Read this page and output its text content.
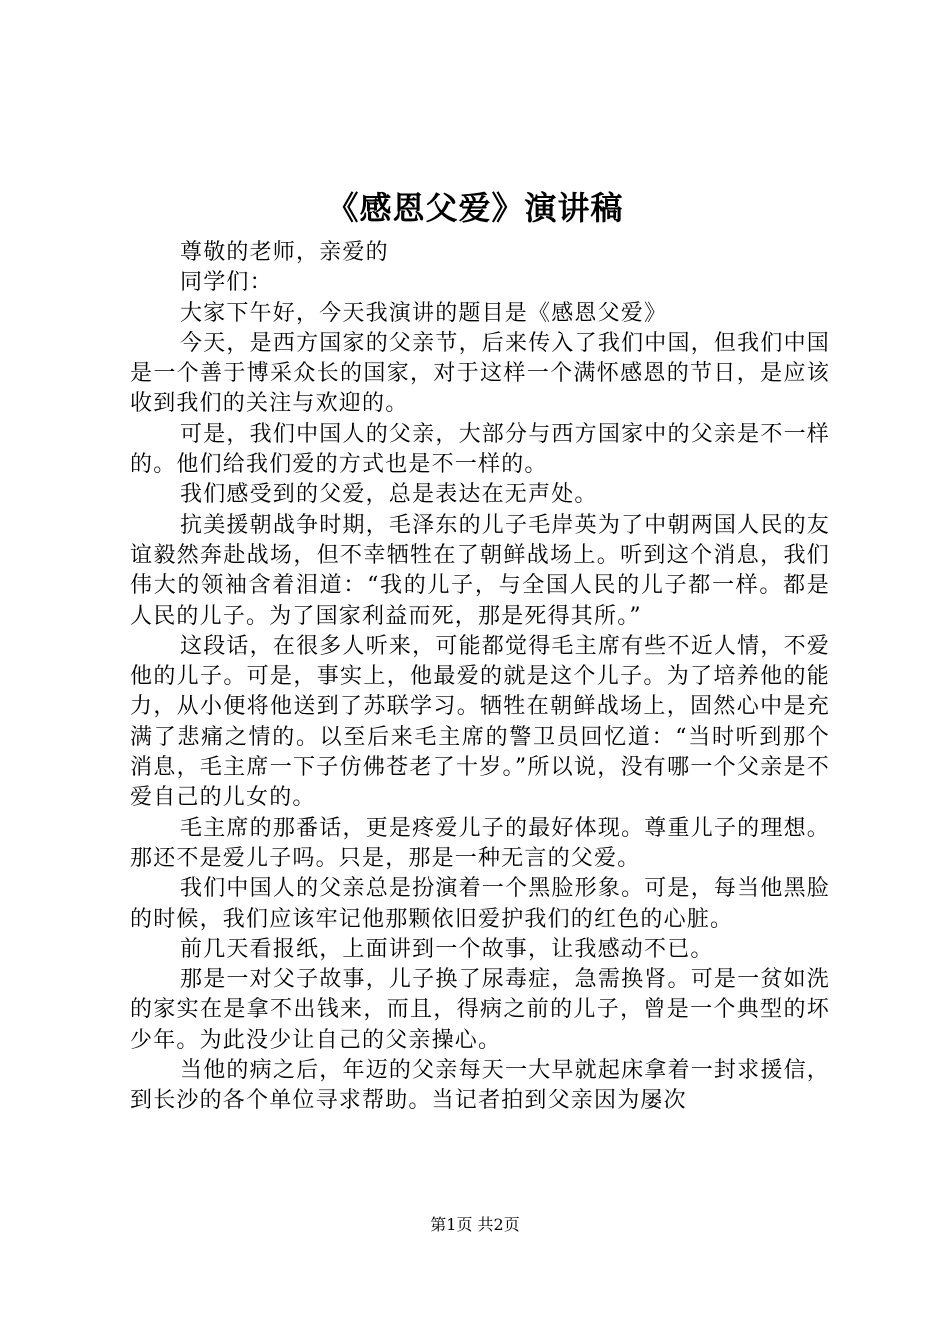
《感恩父爱》演讲稿

尊敬的老师，亲爱的

同学们：

大家下午好，今天我演讲的题目是《感恩父爱》

今天，是西方国家的父亲节，后来传入了我们中国，但我们中国是一个善于博采众长的国家，对于这样一个满怀感恩的节日，是应该收到我们的关注与欢迎的。

可是，我们中国人的父亲，大部分与西方国家中的父亲是不一样的。他们给我们爱的方式也是不一样的。

我们感受到的父爱，总是表达在无声处。

抗美援朝战争时期，毛泽东的儿子毛岸英为了中朝两国人民的友谊毅然奔赴战场，但不幸牺牲在了朝鲜战场上。听到这个消息，我们伟大的领袖含着泪道：“我的儿子，与全国人民的儿子都一样。都是人民的儿子。为了国家利益而死，那是死得其所。”

这段话，在很多人听来，可能都觉得毛主席有些不近人情，不爱他的儿子。可是，事实上，他最爱的就是这个儿子。为了培养他的能力，从小便将他送到了苏联学习。牺牲在朝鲜战场上，固然心中是充满了悲痛之情的。以至后来毛主席的警卫员回忆道：“当时听到那个消息，毛主席一下子仿佛苍老了十岁。”所以说，没有哪一个父亲是不爱自己的儿女的。

毛主席的那番话，更是疼爱儿子的最好体现。尊重儿子的理想。那还不是爱儿子吗。只是，那是一种无言的父爱。

我们中国人的父亲总是扮演着一个黑脸形象。可是，每当他黑脸的时候，我们应该牢记他那颗依旧爱护我们的红色的心脏。

前几天看报纸，上面讲到一个故事，让我感动不已。

那是一对父子故事，儿子换了尿毒症，急需换肾。可是一贫如洗的家实在是拿不出钱来，而且，得病之前的儿子，曾是一个典型的坏少年。为此没少让自己的父亲操心。

当他的病之后，年迈的父亲每天一大早就起床拿着一封求援信，到长沙的各个单位寻求帮助。当记者拍到父亲因为屡次

第1页 共2页
